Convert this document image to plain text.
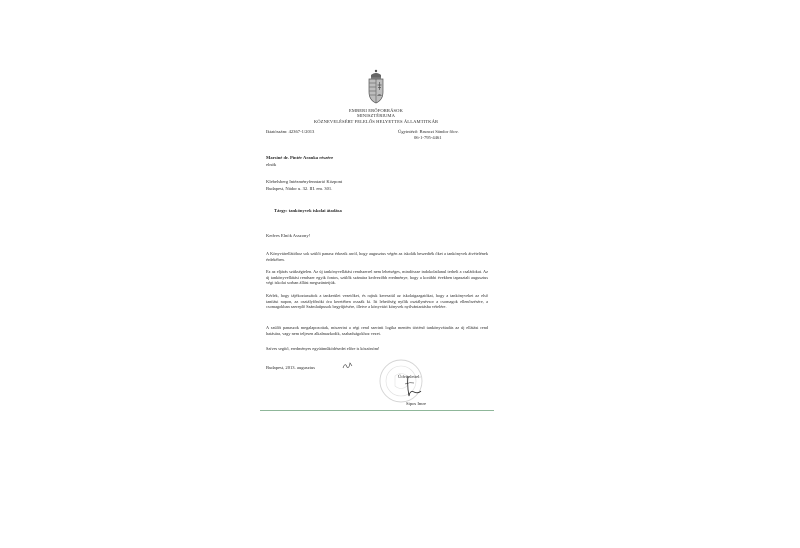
EMBERI ERŐFORRÁSOK
MINISZTÉRIUMA
KÖZNEVELÉSÉRT FELELŐS HELYETTES ÁLLAMTITKÁR
Iktatószám: 42367-1/2013	Ügyintéző: Brunczi Sándor főov.
06-1-795-4461
Marsiné dr. Pintér Aranka részére
elnök
Klebelsberg Intézményfenntartó Központ
Budapest, Nádor u. 32. III. em. 301.
Tárgy: tankönyvek iskolai átadása
Kedves Elnök Asszony!
A Könyvtárellátóhoz sok szülői panasz érkezik arról, hogy augusztus végén az iskolák beszedték őket a tankönyvek átvételének érdekében.
Ez az eljárás szükségtelen. Az új tankönyvellátási rendszerrel nem lehetséges, mindössze indokolatlanul terheli a családokat. Az új tankönyvellátási rendszer egyik fontos, szülők számára kedvezőbb eredménye, hogy a korábbi években tapasztalt augusztus végi iskolai sorban állást megszüntetjük.
Kérlek, hogy tájékoztassátok a tankerület vezetőket, és rajtuk keresztül az iskolaigazgatókat, hogy a tankönyveket az első tanítási napon, az osztályfőnöki óra keretében osszák ki. Itt lehetőség nyílik osztálynévsor a csomagok ellenőrzésére, a csomagokban szereplő Számlatípusok begyűjtésére, illetve a könyvtári könyvek nyilvántartásba vételére.
A szülőt panaszok megalapozottak, miszerint a régi rend szerinti logika mentén történő tankönyvátadás az új ellátási rend hatására, vagy nem teljesen alkalmazkodik, szabadságokhoz vezet.
Szíves segítő, eredményes együttműködésedet előre is köszönöm!
Budapest, 2013. augusztus
Üdvözlettel:
Sipos Imre
